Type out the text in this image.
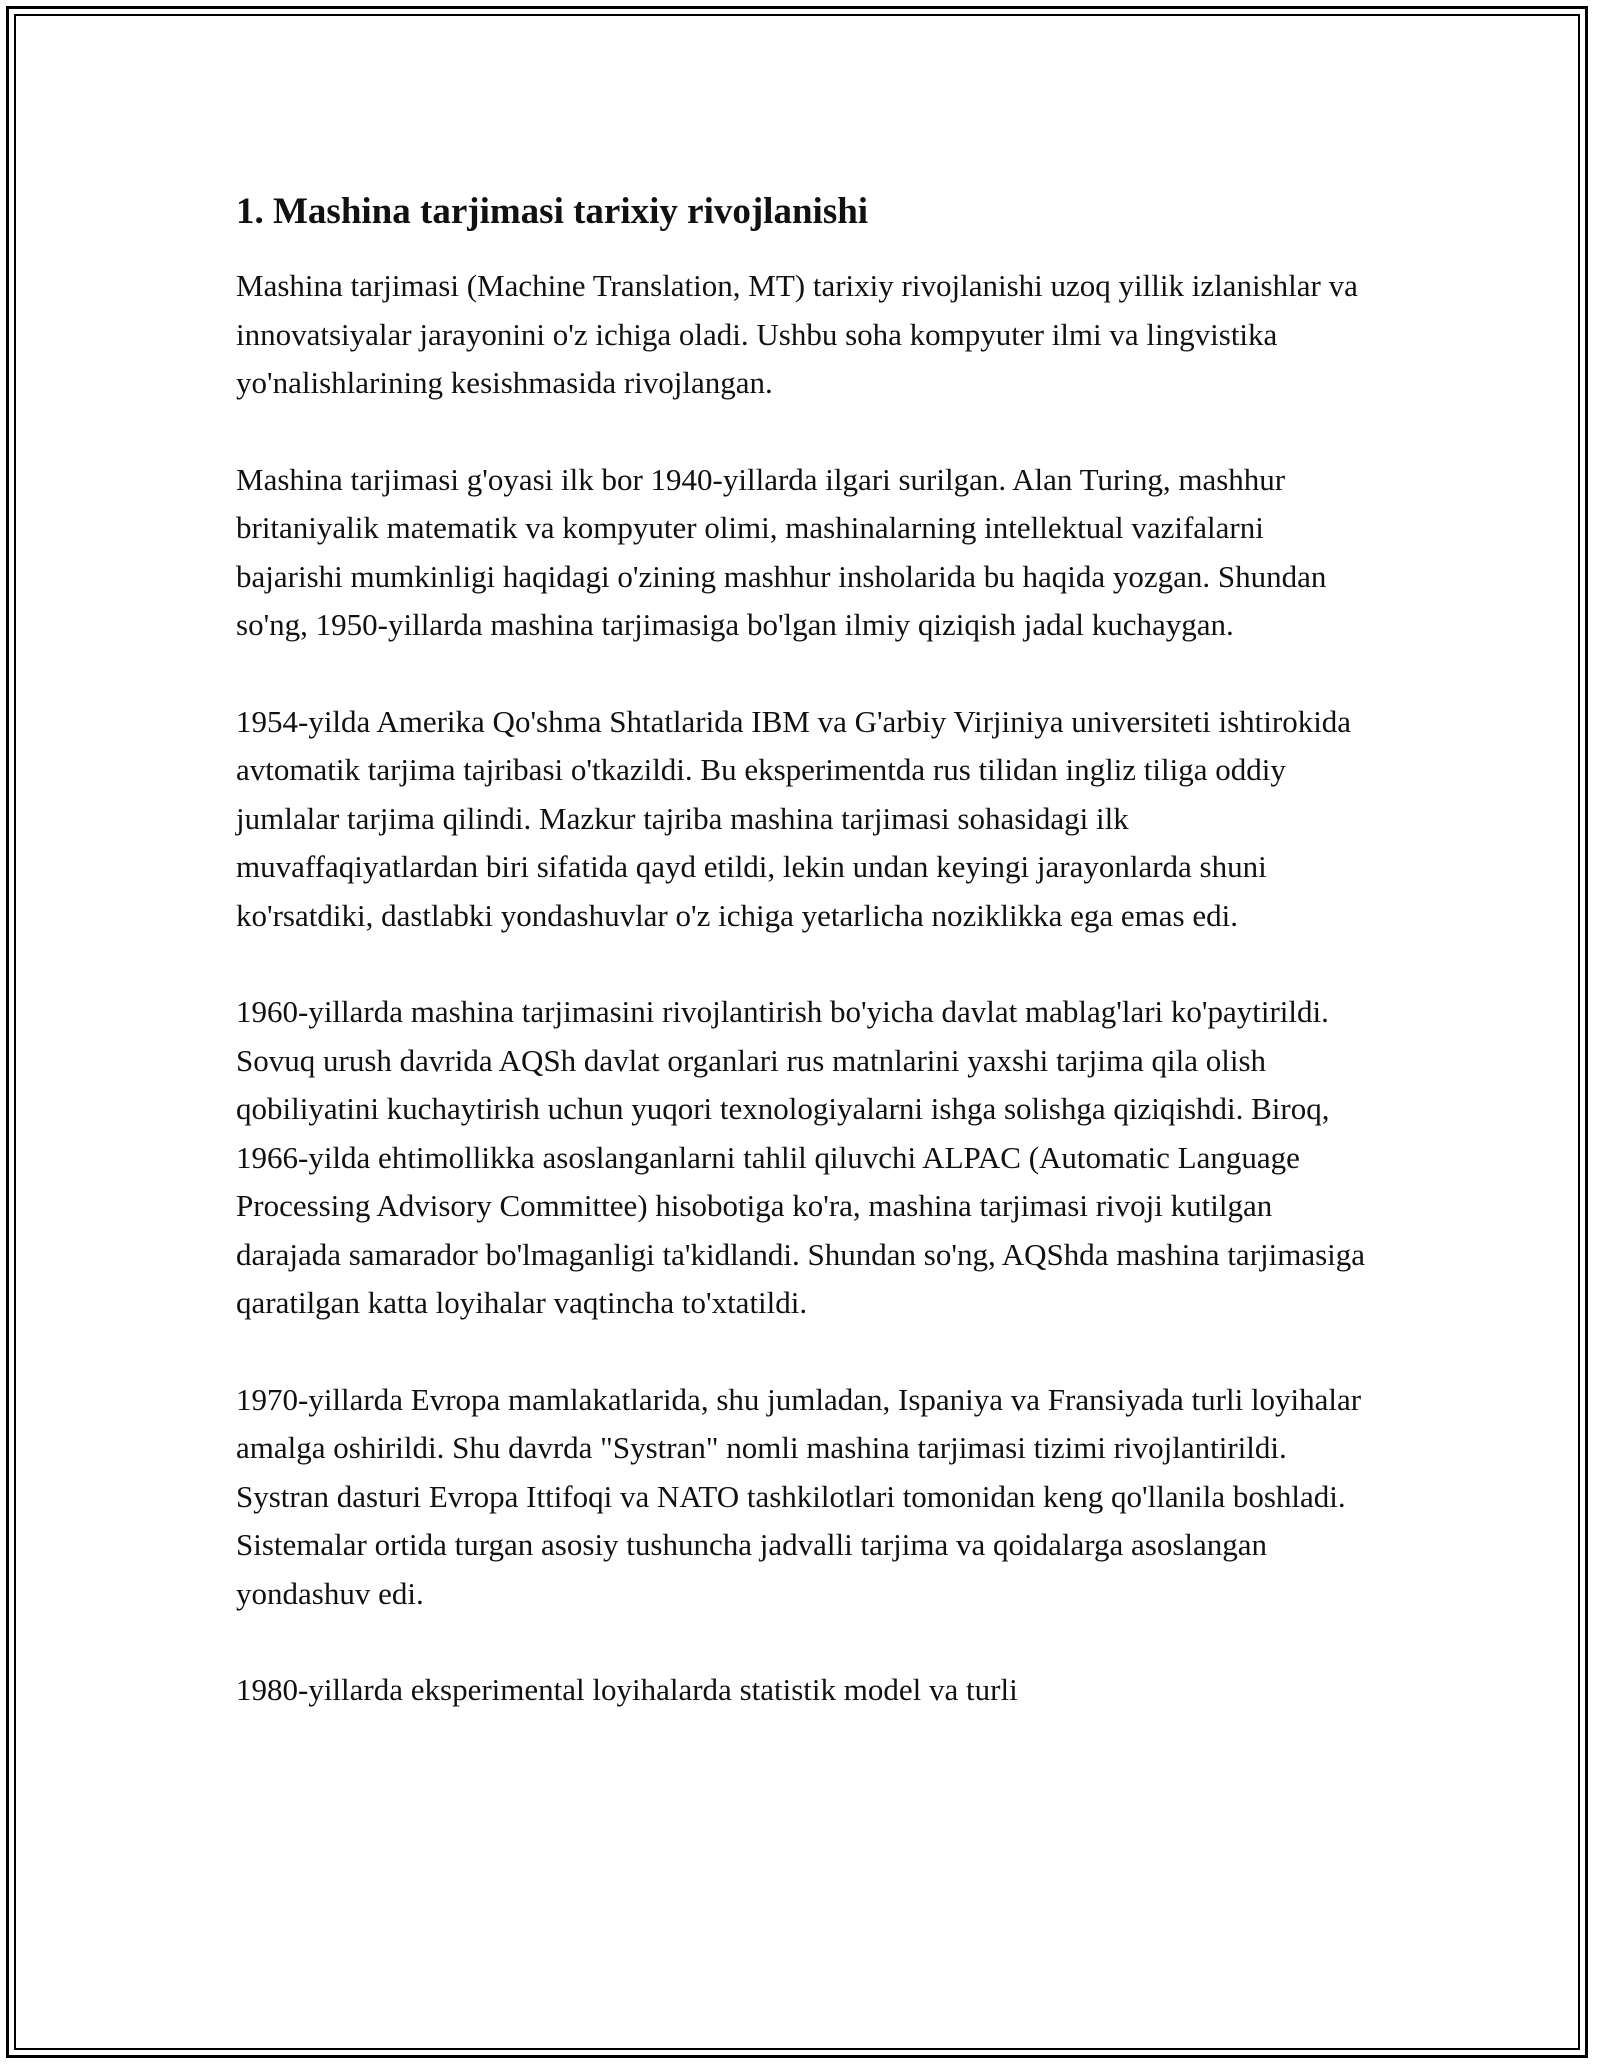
1. Mashina tarjimasi tarixiy rivojlanishi

Mashina tarjimasi (Machine Translation, MT) tarixiy rivojlanishi uzoq yillik izlanishlar va innovatsiyalar jarayonini o'z ichiga oladi. Ushbu soha kompyuter ilmi va lingvistika yo'nalishlarining kesishmasida rivojlangan.

Mashina tarjimasi g'oyasi ilk bor 1940-yillarda ilgari surilgan. Alan Turing, mashhur britaniyalik matematik va kompyuter olimi, mashinalarning intellektual vazifalarni bajarishi mumkinligi haqidagi o'zining mashhur insholarida bu haqida yozgan. Shundan so'ng, 1950-yillarda mashina tarjimasiga bo'lgan ilmiy qiziqish jadal kuchaygan.

1954-yilda Amerika Qo'shma Shtatlarida IBM va G'arbiy Virjiniya universiteti ishtirokida avtomatik tarjima tajribasi o'tkazildi. Bu eksperimentda rus tilidan ingliz tiliga oddiy jumlalar tarjima qilindi. Mazkur tajriba mashina tarjimasi sohasidagi ilk muvaffaqiyatlardan biri sifatida qayd etildi, lekin undan keyingi jarayonlarda shuni ko'rsatdiki, dastlabki yondashuvlar o'z ichiga yetarlicha noziklikka ega emas edi.

1960-yillarda mashina tarjimasini rivojlantirish bo'yicha davlat mablag'lari ko'paytirildi. Sovuq urush davrida AQSh davlat organlari rus matnlarini yaxshi tarjima qila olish qobiliyatini kuchaytirish uchun yuqori texnologiyalarni ishga solishga qiziqishdi. Biroq, 1966-yilda ehtimollikka asoslanganlarni tahlil qiluvchi ALPAC (Automatic Language Processing Advisory Committee) hisobotiga ko'ra, mashina tarjimasi rivoji kutilgan darajada samarador bo'lmaganligi ta'kidlandi. Shundan so'ng, AQShda mashina tarjimasiga qaratilgan katta loyihalar vaqtincha to'xtatildi.

1970-yillarda Evropa mamlakatlarida, shu jumladan, Ispaniya va Fransiyada turli loyihalar amalga oshirildi. Shu davrda "Systran" nomli mashina tarjimasi tizimi rivojlantirildi. Systran dasturi Evropa Ittifoqi va NATO tashkilotlari tomonidan keng qo'llanila boshladi. Sistemalar ortida turgan asosiy tushuncha jadvalli tarjima va qoidalarga asoslangan yondashuv edi.

1980-yillarda eksperimental loyihalarda statistik model va turli
